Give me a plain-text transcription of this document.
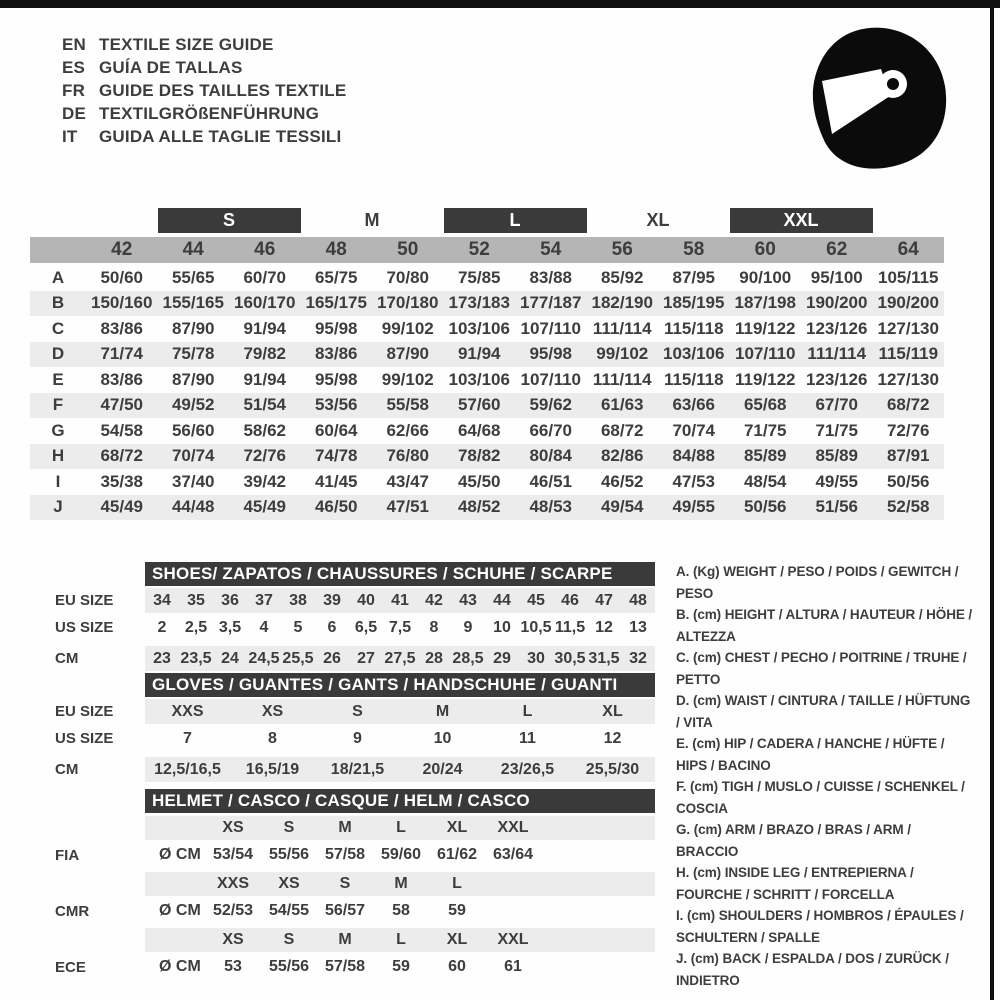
EN TEXTILE SIZE GUIDE
ES GUÍA DE TALLAS
FR GUIDE DES TAILLES TEXTILE
DE TEXTILGRÖßENFÜHRUNG
IT	GUIDA ALLE TAGLIE TESSILI
S	M	L	XL	XXL
42	44	46	48	50	52	54	56	58	60	62	64
A	50/60	55/65	60/70	65/75	70/80	75/85	83/88	85/92	87/95	90/100	95/100 105/115
B	150/160 155/165 160/170 165/175 170/180 173/183 177/187 182/190 185/195 187/198 190/200 190/200
C	83/86	87/90	91/94	95/98	99/102 103/106 107/110 111/114 115/118 119/122 123/126 127/130
D	71/74	75/78	79/82	83/86	87/90	91/94	95/98	99/102 103/106 107/110 111/114 115/119
E	83/86	87/90	91/94	95/98	99/102 103/106 107/110 111/114 115/118 119/122 123/126 127/130
F	47/50	49/52	51/54	53/56	55/58	57/60	59/62	61/63	63/66	65/68	67/70	68/72
G	54/58	56/60	58/62	60/64	62/66	64/68	66/70	68/72	70/74	71/75	71/75	72/76
H	68/72	70/74	72/76	74/78	76/80	78/82	80/84	82/86	84/88	85/89	85/89	87/91
I	35/38	37/40	39/42	41/45	43/47	45/50	46/51	46/52	47/53	48/54	49/55	50/56
J	45/49	44/48	45/49	46/50	47/51	48/52	48/53	49/54	49/55	50/56	51/56	52/58
SHOES/ ZAPATOS / CHAUSSURES / SCHUHE / SCARPE
EU SIZE	34	35	36	37	38	39	40	41	42	43	44	45	46	47	48
US SIZE	2	2,5 3,5	4	5	6	6,5 7,5	8	9	10 10,5 11,5 12	13
CM	23 23,5 24 24,5 25,5 26	27 27,5 28 28,5 29	30 30,5 31,5 32
GLOVES / GUANTES / GANTS / HANDSCHUHE / GUANTI
EU SIZE	XXS	XS	S	M	L	XL
US SIZE	7	8	9	10	11	12
CM	12,5/16,5	16,5/19	18/21,5	20/24	23/26,5	25,5/30
HELMET / CASCO / CASQUE / HELM / CASCO
XS	S	M	L	XL	XXL
FIA	Ø CM 53/54 55/56 57/58 59/60 61/62 63/64
XXS	XS	S	M	L
CMR	Ø CM 52/53 54/55 56/57	58	59
XS	S	M	L	XL	XXL
ECE	Ø CM	53	55/56 57/58	59	60	61
A. (Kg) WEIGHT / PESO / POIDS / GEWITCH / PESO
B. (cm) HEIGHT / ALTURA / HAUTEUR / HÖHE / ALTEZZA
C. (cm) CHEST / PECHO / POITRINE / TRUHE / PETTO
D. (cm) WAIST / CINTURA / TAILLE / HÜFTUNG / VITA
E. (cm) HIP / CADERA / HANCHE / HÜFTE / HIPS / BACINO
F. (cm) TIGH / MUSLO / CUISSE / SCHENKEL / COSCIA
G. (cm) ARM / BRAZO / BRAS / ARM / BRACCIO
H. (cm) INSIDE LEG / ENTREPIERNA / FOURCHE / SCHRITT / FORCELLA
I. (cm) SHOULDERS / HOMBROS / ÉPAULES / SCHULTERN / SPALLE
J. (cm) BACK / ESPALDA / DOS / ZURÜCK / INDIETRO
